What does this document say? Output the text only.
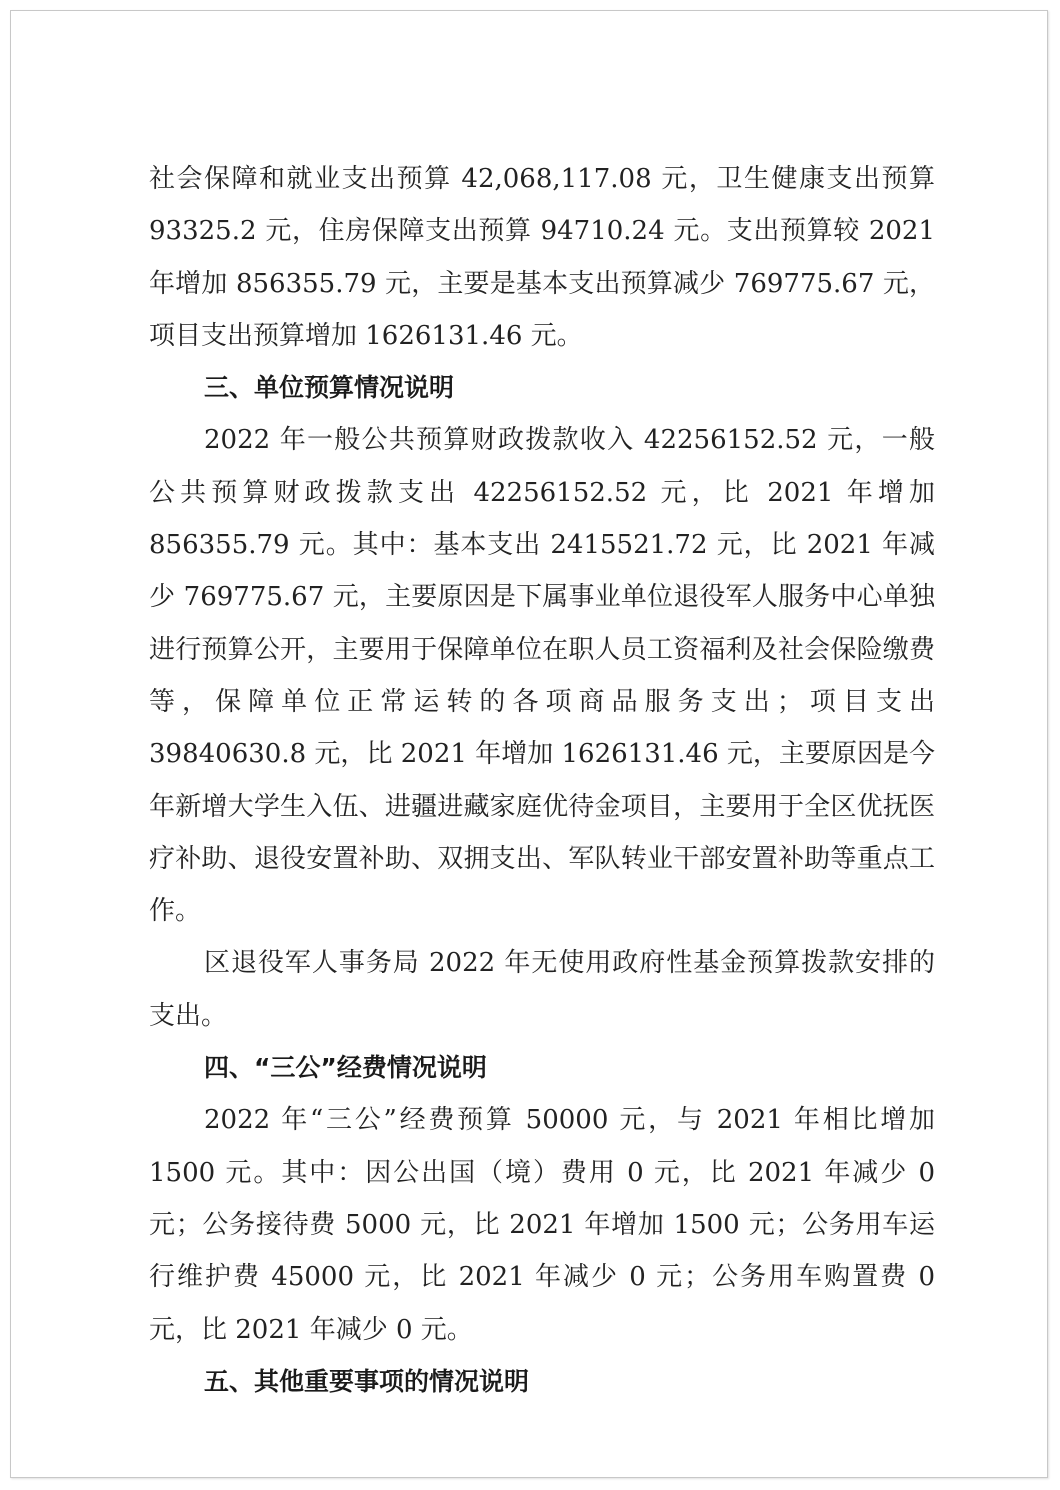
社会保障和就业支出预算 42,068,117.08 元，卫生健康支出预算 93325.2 元，住房保障支出预算 94710.24 元。支出预算较 2021 年增加 856355.79 元，主要是基本支出预算减少 769775.67 元，项目支出预算增加 1626131.46 元。

三、单位预算情况说明

2022 年一般公共预算财政拨款收入 42256152.52 元，一般公共预算财政拨款支出 42256152.52 元，比 2021 年增加 856355.79 元。其中：基本支出 2415521.72 元，比 2021 年减少 769775.67 元，主要原因是下属事业单位退役军人服务中心单独进行预算公开，主要用于保障单位在职人员工资福利及社会保险缴费等，保障单位正常运转的各项商品服务支出；项目支出 39840630.8 元，比 2021 年增加 1626131.46 元，主要原因是今年新增大学生入伍、进疆进藏家庭优待金项目，主要用于全区优抚医疗补助、退役安置补助、双拥支出、军队转业干部安置补助等重点工作。

区退役军人事务局 2022 年无使用政府性基金预算拨款安排的支出。

四、“三公”经费情况说明

2022 年“三公”经费预算 50000 元，与 2021 年相比增加 1500 元。其中：因公出国（境）费用 0 元，比 2021 年减少 0 元；公务接待费 5000 元，比 2021 年增加 1500 元；公务用车运行维护费 45000 元，比 2021 年减少 0 元；公务用车购置费 0 元，比 2021 年减少 0 元。

五、其他重要事项的情况说明
